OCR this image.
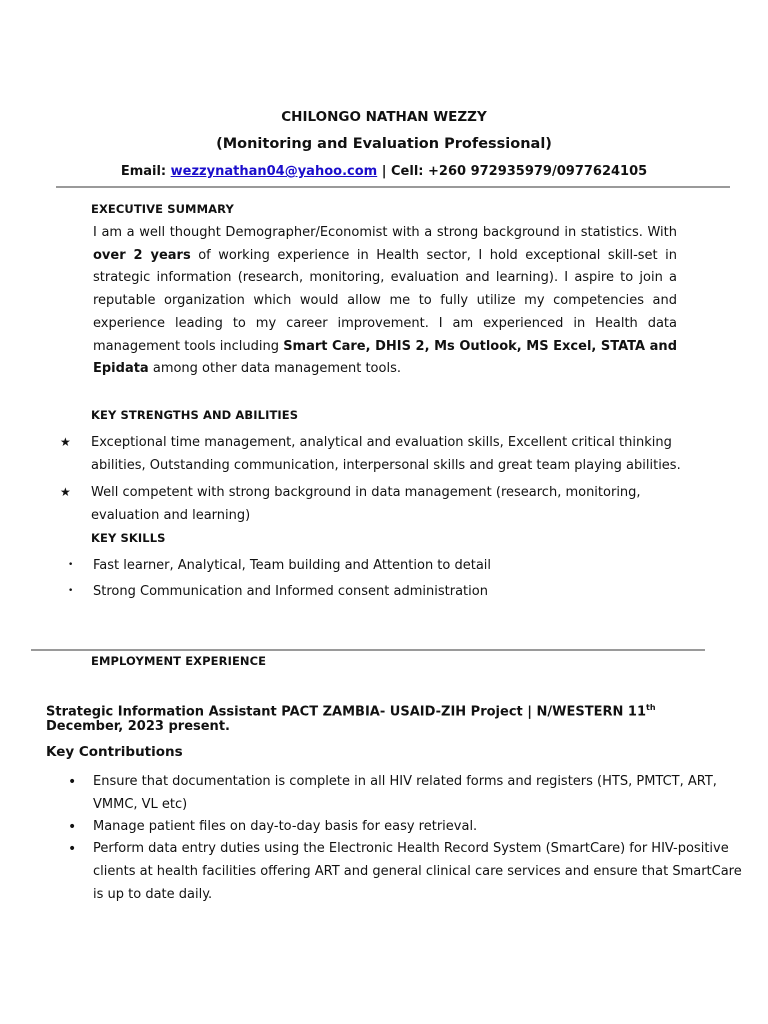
CHILONGO NATHAN WEZZY
(Monitoring and Evaluation Professional)
Email: wezzynathan04@yahoo.com | Cell: +260 972935979/0977624105
EXECUTIVE SUMMARY
I am a well thought Demographer/Economist with a strong background in statistics. With over 2 years of working experience in Health sector, I hold exceptional skill-set in strategic information (research, monitoring, evaluation and learning). I aspire to join a reputable organization which would allow me to fully utilize my competencies and experience leading to my career improvement. I am experienced in Health data management tools including Smart Care, DHIS 2, Ms Outlook, MS Excel, STATA and Epidata among other data management tools.
KEY STRENGTHS AND ABILITIES
★ Exceptional time management, analytical and evaluation skills, Excellent critical thinking
abilities, Outstanding communication, interpersonal skills and great team playing abilities.
★ Well competent with strong background in data management (research, monitoring,
evaluation and learning)
KEY SKILLS
• Fast learner, Analytical, Team building and Attention to detail
• Strong Communication and Informed consent administration
EMPLOYMENT EXPERIENCE
Strategic Information Assistant PACT ZAMBIA- USAID-ZIH Project | N/WESTERN 11th
December, 2023 present.
Key Contributions
• Ensure that documentation is complete in all HIV related forms and registers (HTS, PMTCT, ART,
VMMC, VL etc)
• Manage patient files on day-to-day basis for easy retrieval.
• Perform data entry duties using the Electronic Health Record System (SmartCare) for HIV-positive
clients at health facilities offering ART and general clinical care services and ensure that SmartCare
is up to date daily.
